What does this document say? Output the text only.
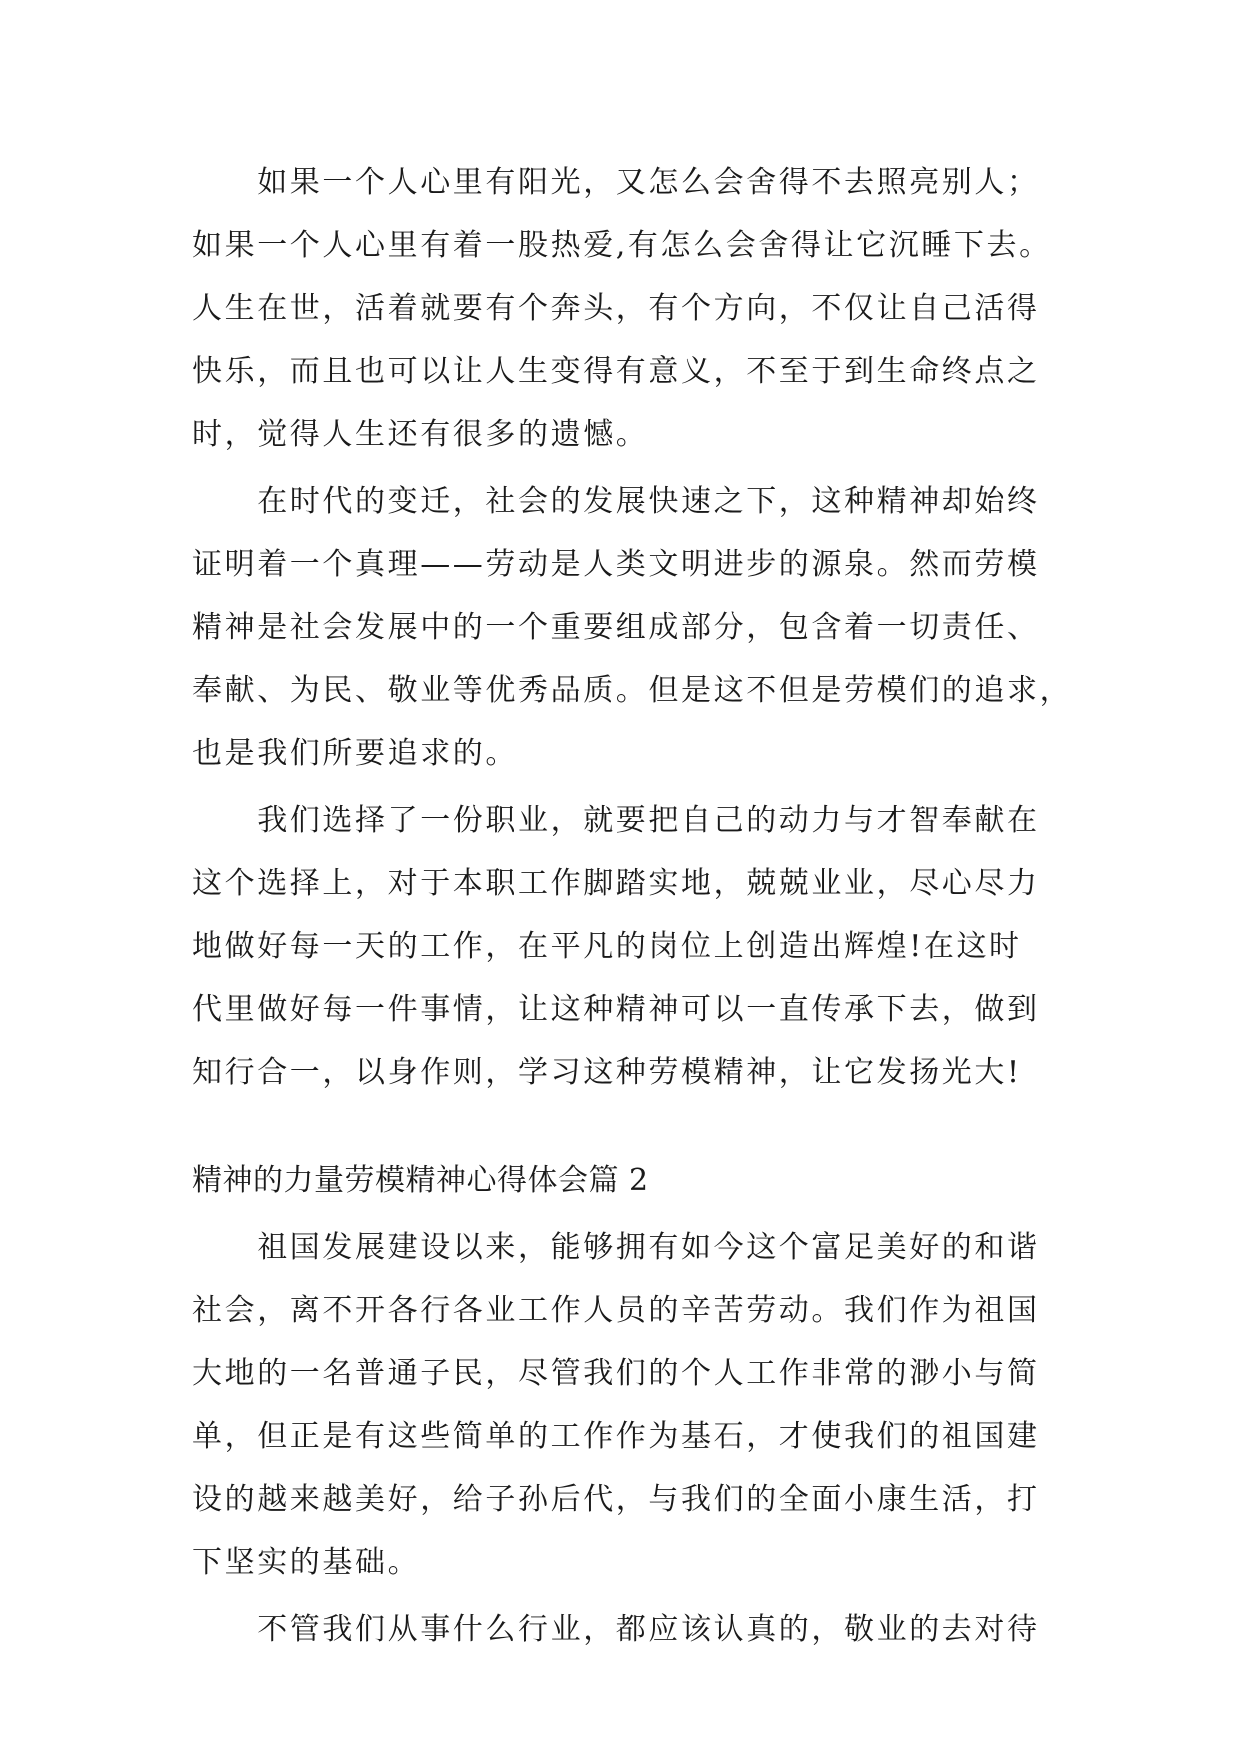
　　如果一个人心里有阳光，又怎么会舍得不去照亮别人；

如果一个人心里有着一股热爱,有怎么会舍得让它沉睡下去。

人生在世，活着就要有个奔头，有个方向，不仅让自己活得

快乐，而且也可以让人生变得有意义，不至于到生命终点之

时，觉得人生还有很多的遗憾。

　　在时代的变迁，社会的发展快速之下，这种精神却始终

证明着一个真理——劳动是人类文明进步的源泉。然而劳模

精神是社会发展中的一个重要组成部分，包含着一切责任、

奉献、为民、敬业等优秀品质。但是这不但是劳模们的追求，

也是我们所要追求的。

　　我们选择了一份职业，就要把自己的动力与才智奉献在

这个选择上，对于本职工作脚踏实地，兢兢业业，尽心尽力

地做好每一天的工作，在平凡的岗位上创造出辉煌!在这时

代里做好每一件事情，让这种精神可以一直传承下去，做到

知行合一，以身作则，学习这种劳模精神，让它发扬光大!

精神的力量劳模精神心得体会篇 2

　　祖国发展建设以来，能够拥有如今这个富足美好的和谐

社会，离不开各行各业工作人员的辛苦劳动。我们作为祖国

大地的一名普通子民，尽管我们的个人工作非常的渺小与简

单，但正是有这些简单的工作作为基石，才使我们的祖国建

设的越来越美好，给子孙后代，与我们的全面小康生活，打

下坚实的基础。

　　不管我们从事什么行业，都应该认真的，敬业的去对待
